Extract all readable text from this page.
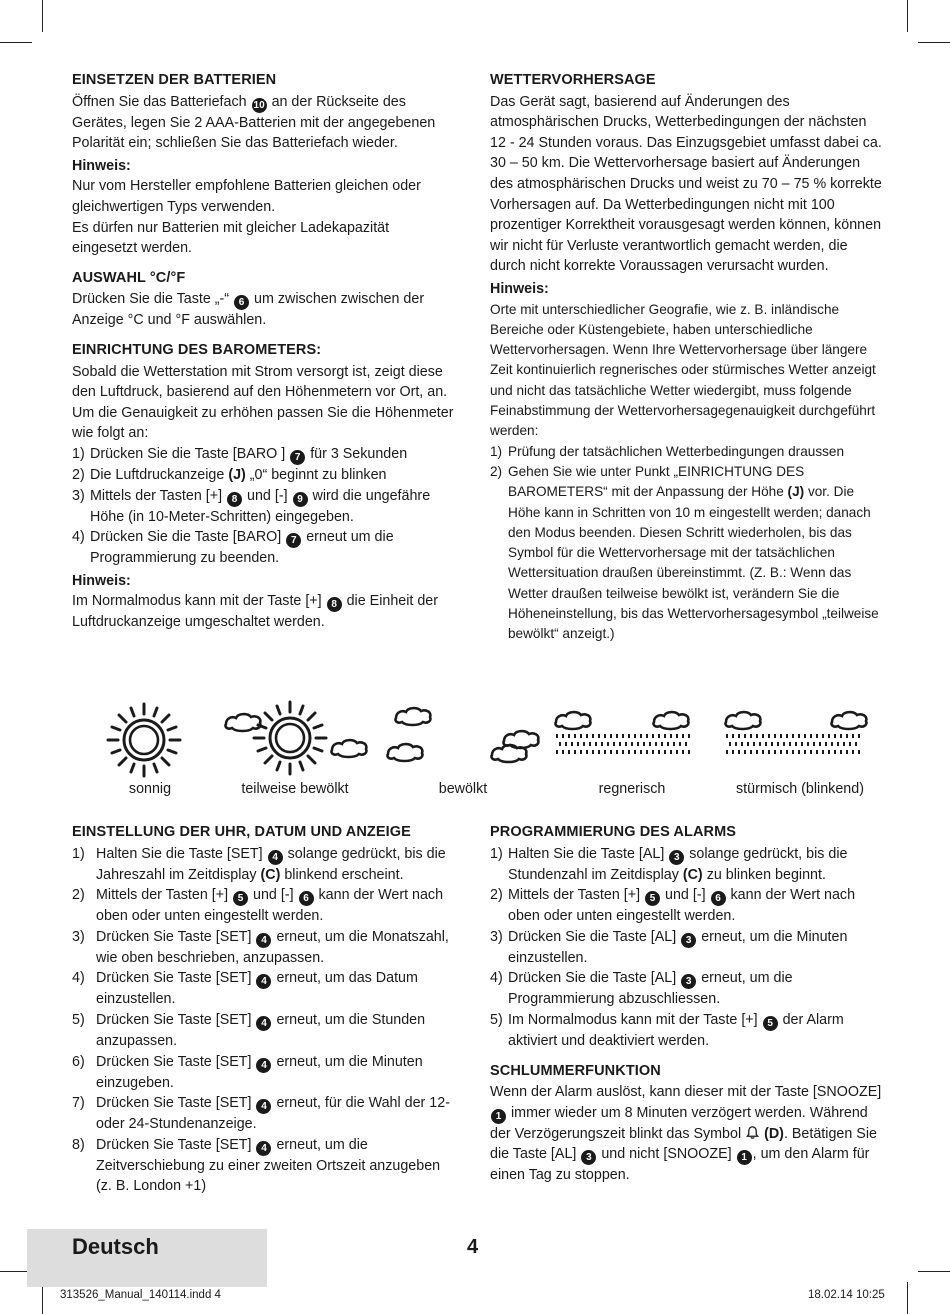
EINSETZEN DER BATTERIEN

Öffnen Sie das Batteriefach 10 an der Rückseite des Gerätes, legen Sie 2 AAA-Batterien mit der angegebenen Polarität ein; schließen Sie das Batteriefach wieder.

Hinweis:

Nur vom Hersteller empfohlene Batterien gleichen oder gleichwertigen Typs verwenden.

Es dürfen nur Batterien mit gleicher Ladekapazität eingesetzt werden.

AUSWAHL °C/°F

Drücken Sie die Taste „-“ 6 um zwischen zwischen der Anzeige °C und °F auswählen.

EINRICHTUNG DES BAROMETERS:

Sobald die Wetterstation mit Strom versorgt ist, zeigt diese den Luftdruck, basierend auf den Höhenmetern vor Ort, an. Um die Genauigkeit zu erhöhen passen Sie die Höhenmeter wie folgt an:

1) Drücken Sie die Taste [BARO ] 7 für 3 Sekunden
2) Die Luftdruckanzeige (J) „0“ beginnt zu blinken
3) Mittels der Tasten [+] 8 und [-] 9 wird die ungefähre Höhe (in 10-Meter-Schritten) eingegeben.
4) Drücken Sie die Taste [BARO] 7 erneut um die Programmierung zu beenden.

Hinweis:

Im Normalmodus kann mit der Taste [+] 8 die Einheit der Luftdruckanzeige umgeschaltet werden.

WETTERVORHERSAGE

Das Gerät sagt, basierend auf Änderungen des atmosphärischen Drucks, Wetterbedingungen der nächsten 12 - 24 Stunden voraus. Das Einzugsgebiet umfasst dabei ca. 30 – 50 km. Die Wettervorhersage basiert auf Änderungen des atmosphärischen Drucks und weist zu 70 – 75 % korrekte Vorhersagen auf. Da Wetterbedingungen nicht mit 100 prozentiger Korrektheit vorausgesagt werden können, können wir nicht für Verluste verantwortlich gemacht werden, die durch nicht korrekte Voraussagen verursacht wurden.

Hinweis:

Orte mit unterschiedlicher Geografie, wie z. B. inländische Bereiche oder Küstengebiete, haben unterschiedliche Wettervorhersagen. Wenn Ihre Wettervorhersage über längere Zeit kontinuierlich regnerisches oder stürmisches Wetter anzeigt und nicht das tatsächliche Wetter wiedergibt, muss folgende Feinabstimmung der Wettervorhersagegenauigkeit durchgeführt werden:

1) Prüfung der tatsächlichen Wetterbedingungen draussen
2) Gehen Sie wie unter Punkt „EINRICHTUNG DES BAROMETERS“ mit der Anpassung der Höhe (J) vor. Die Höhe kann in Schritten von 10 m eingestellt werden; danach den Modus beenden. Diesen Schritt wiederholen, bis das Symbol für die Wettervorhersage mit der tatsächlichen Wettersituation draußen übereinstimmt. (Z. B.: Wenn das Wetter draußen teilweise bewölkt ist, verändern Sie die Höheneinstellung, bis das Wettervorhersagesymbol „teilweise bewölkt“ anzeigt.)
sonnig	teilweise bewölkt	bewölkt	regnerisch	stürmisch (blinkend)
EINSTELLUNG DER UHR, DATUM UND ANZEIGE
1) Halten Sie die Taste [SET] 4 solange gedrückt, bis die Jahreszahl im Zeitdisplay (C) blinkend erscheint.
2) Mittels der Tasten [+] 5 und [-] 6 kann der Wert nach oben oder unten eingestellt werden.
3) Drücken Sie Taste [SET] 4 erneut, um die Monatszahl, wie oben beschrieben, anzupassen.
4) Drücken Sie Taste [SET] 4 erneut, um das Datum einzustellen.
5) Drücken Sie Taste [SET] 4 erneut, um die Stunden anzupassen.
6) Drücken Sie Taste [SET] 4 erneut, um die Minuten einzugeben.
7) Drücken Sie Taste [SET] 4 erneut, für die Wahl der 12- oder 24-Stundenanzeige.
8) Drücken Sie Taste [SET] 4 erneut, um die Zeitverschiebung zu einer zweiten Ortszeit anzugeben (z. B. London +1)
PROGRAMMIERUNG DES ALARMS
1) Halten Sie die Taste [AL] 3 solange gedrückt, bis die Stundenzahl im Zeitdisplay (C) zu blinken beginnt.
2) Mittels der Tasten [+] 5 und [-] 6 kann der Wert nach oben oder unten eingestellt werden.
3) Drücken Sie die Taste [AL] 3 erneut, um die Minuten einzustellen.
4) Drücken Sie die Taste [AL] 3 erneut, um die Programmierung abzuschliessen.
5) Im Normalmodus kann mit der Taste [+] 5 der Alarm aktiviert und deaktiviert werden.
SCHLUMMERFUNKTION

Wenn der Alarm auslöst, kann dieser mit der Taste [SNOOZE] 1 immer wieder um 8 Minuten verzögert werden. Während der Verzögerungszeit blinkt das Symbol (D). Betätigen Sie die Taste [AL] 3 und nicht [SNOOZE] 1 , um den Alarm für einen Tag zu stoppen.

Deutsch	4
313526_Manual_140114.indd 4	18.02.14 10:25
